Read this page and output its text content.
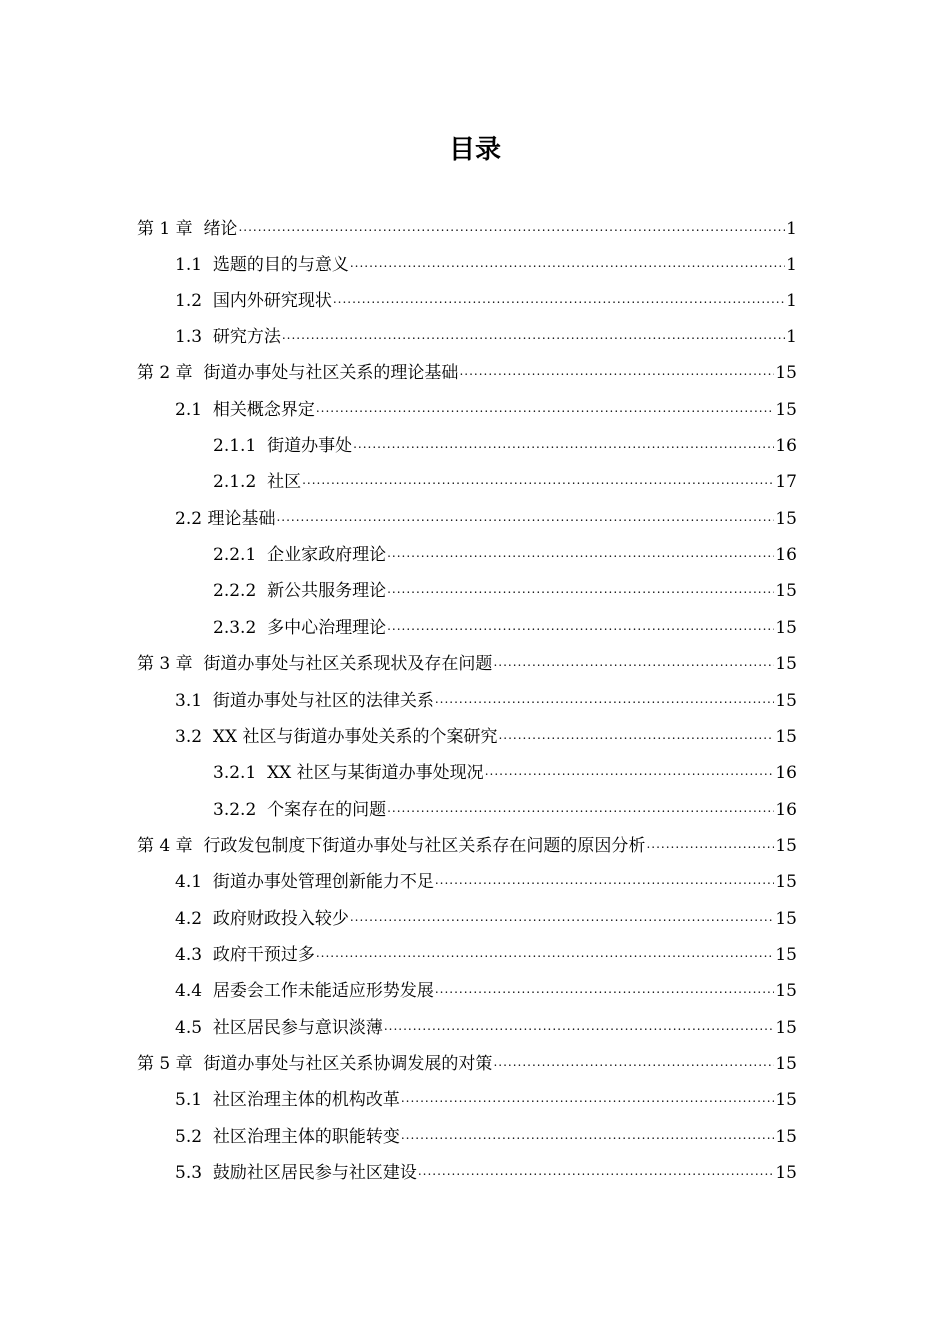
目录
第 1 章 绪论 .....	1
1.1 选题的目的与意义 .....	1
1.2 国内外研究现状 .....	1
1.3 研究方法 .....	1
第 2 章 街道办事处与社区关系的理论基础 .....	15
2.1 相关概念界定 .....	15
2.1.1 街道办事处 .....	16
2.1.2 社区 .....	17
2.2 理论基础 .....	15
2.2.1 企业家政府理论 .....	16
2.2.2 新公共服务理论 .....	15
2.3.2 多中心治理理论 .....	15
第 3 章 街道办事处与社区关系现状及存在问题 .....	15
3.1 街道办事处与社区的法律关系 .....	15
3.2 XX 社区与街道办事处关系的个案研究 .....	15
3.2.1 XX 社区与某街道办事处现况 .....	16
3.2.2 个案存在的问题 .....	16
第 4 章 行政发包制度下街道办事处与社区关系存在问题的原因分析 .....	15
4.1 街道办事处管理创新能力不足 .....	15
4.2 政府财政投入较少 .....	15
4.3 政府干预过多 .....	15
4.4 居委会工作未能适应形势发展 .....	15
4.5 社区居民参与意识淡薄 .....	15
第 5 章 街道办事处与社区关系协调发展的对策 .....	15
5.1 社区治理主体的机构改革 .....	15
5.2 社区治理主体的职能转变 .....	15
5.3 鼓励社区居民参与社区建设 .....	15
